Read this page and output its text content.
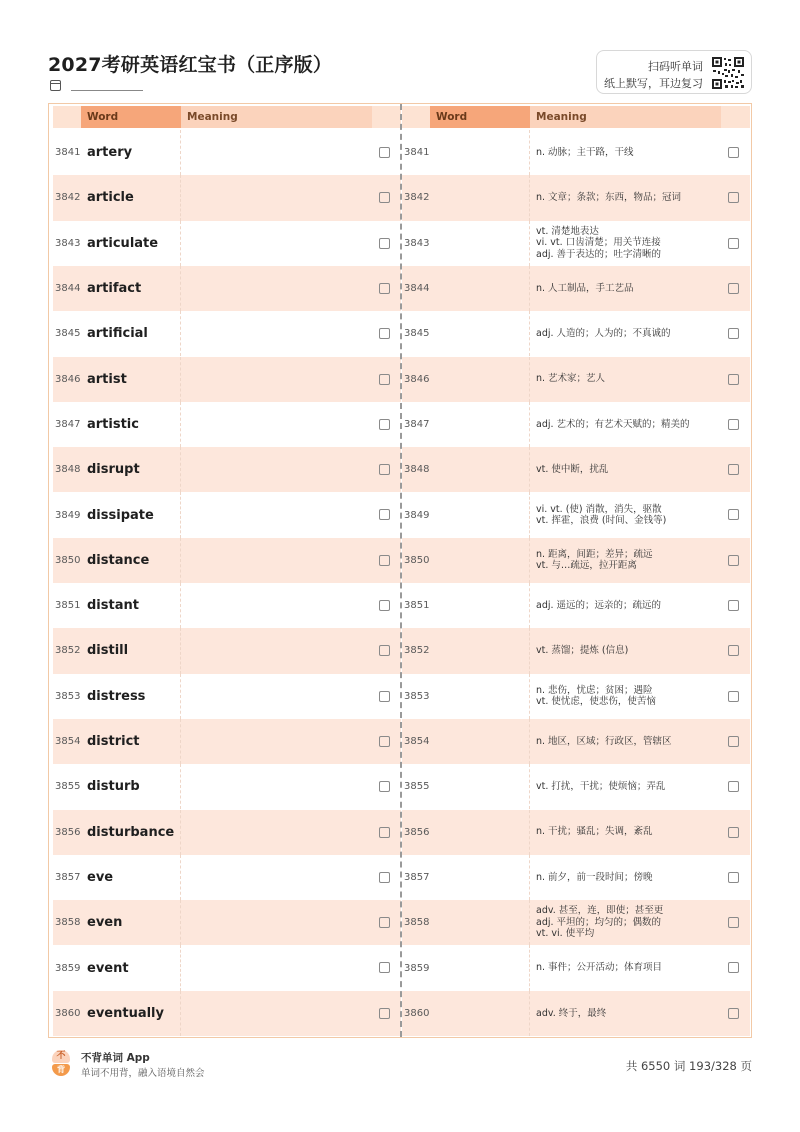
2027考研英语红宝书（正序版）	扫码听单词
纸上默写，耳边复习
Word	Meaning
3841 artery
3842 article
3843 articulate
3844 artifact
3845 artificial
3846 artist
3847 artistic
3848 disrupt
3849 dissipate
3850 distance
3851 distant
3852 distill
3853 distress
3854 district
3855 disturb
3856 disturbance
3857 eve
3858 even
3859 event
3860 eventually
Word	Meaning
3841	n. 动脉；主干路，干线
3842	n. 文章；条款；东西，物品；冠词
3843
vt. 清楚地表达
vi. vt. 口齿清楚；用关节连接
adj. 善于表达的；吐字清晰的
3844	n. 人工制品，手工艺品
3845	adj. 人造的；人为的；不真诚的
3846	n. 艺术家；艺人
3847	adj. 艺术的；有艺术天赋的；精美的
3848	vt. 使中断，扰乱
3849
vi. vt. (使) 消散，消失，驱散
vt. 挥霍，浪费 (时间、金钱等)
3850
n. 距离，间距；差异；疏远
vt. 与…疏远，拉开距离
3851	adj. 遥远的；远亲的；疏远的
3852	vt. 蒸馏；提炼 (信息)
3853
n. 悲伤，忧虑；贫困；遇险
vt. 使忧虑，使悲伤，使苦恼
3854	n. 地区，区域；行政区，管辖区
3855	vt. 打扰，干扰；使烦恼；弄乱
3856	n. 干扰；骚乱；失调，紊乱
3857	n. 前夕，前一段时间；傍晚
3858
adv. 甚至，连，即使；甚至更
adj. 平坦的；均匀的；偶数的
vt. vi. 使平均
3859	n. 事件；公开活动；体育项目
3860	adv. 终于，最终
不
背
不背单词 App
单词不用背，融入语境自然会
共 6550 词 193/328 页
